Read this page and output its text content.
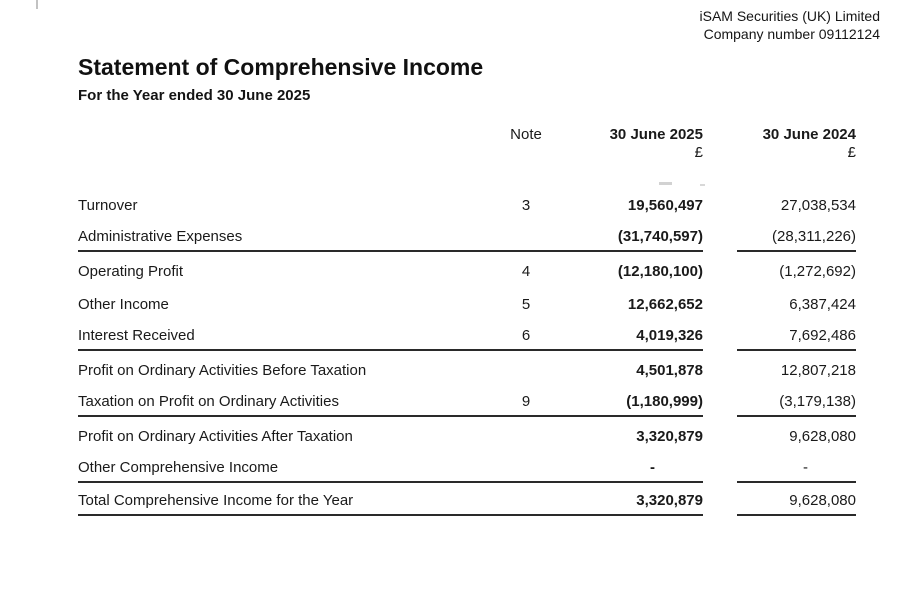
iSAM Securities (UK) Limited
Company number 09112124
Statement of Comprehensive Income
For the Year ended 30 June 2025
Note	30 June 2025	30 June 2024
£	£
Turnover	3	19,560,497	27,038,534
Administrative Expenses	(31,740,597)	(28,311,226)
Operating Profit	4	(12,180,100)	(1,272,692)
Other Income	5	12,662,652	6,387,424
Interest Received	6	4,019,326	7,692,486
Profit on Ordinary Activities Before Taxation	4,501,878	12,807,218
Taxation on Profit on Ordinary Activities	9	(1,180,999)	(3,179,138)
Profit on Ordinary Activities After Taxation	3,320,879	9,628,080
Other Comprehensive Income	-	-
Total Comprehensive Income for the Year	3,320,879	9,628,080
